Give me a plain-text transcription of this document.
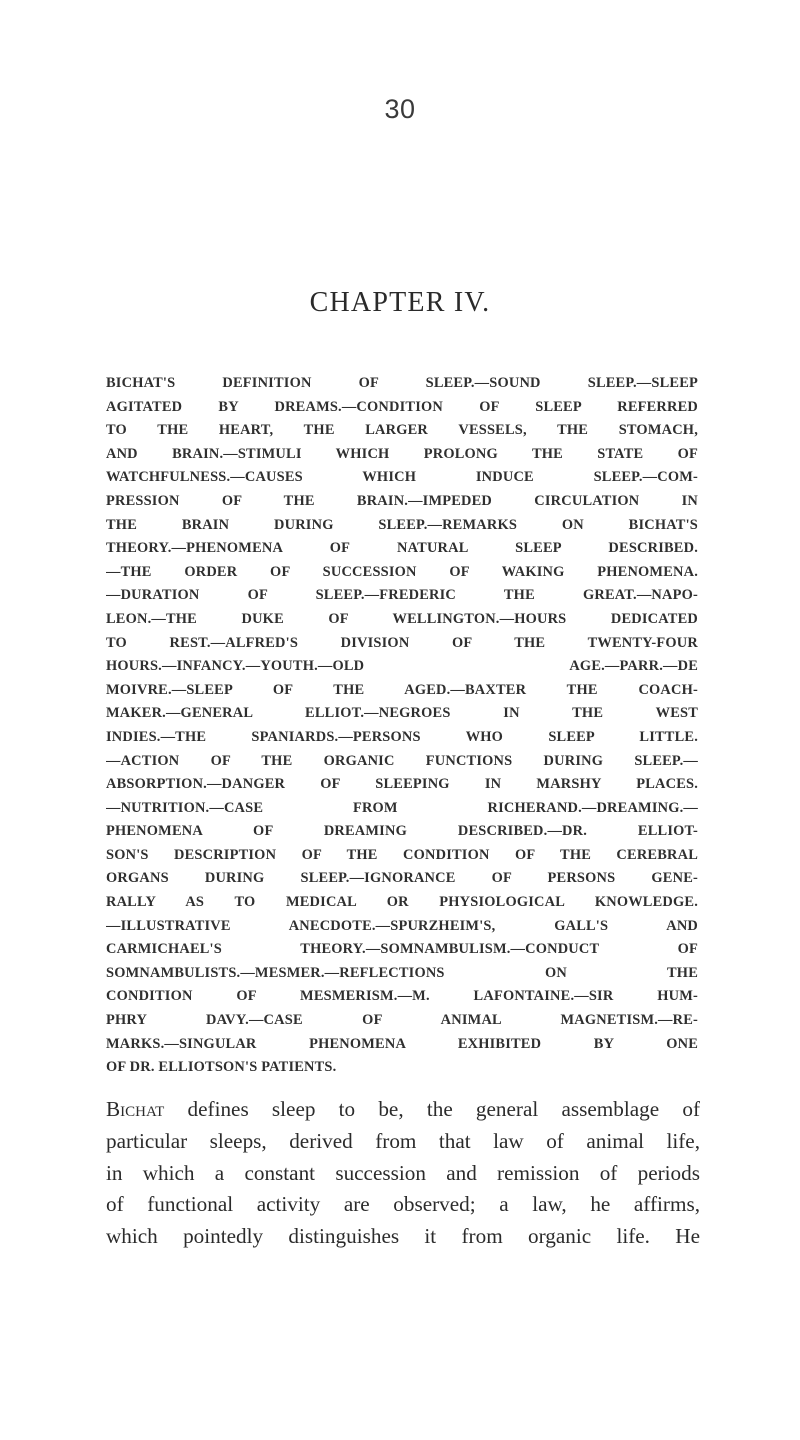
30
CHAPTER IV.
BICHAT'S DEFINITION OF SLEEP.—SOUND SLEEP.—SLEEP
AGITATED BY DREAMS.—CONDITION OF SLEEP REFERRED
TO THE HEART, THE LARGER VESSELS, THE STOMACH,
AND BRAIN.—STIMULI WHICH PROLONG THE STATE OF
WATCHFULNESS.—CAUSES WHICH INDUCE SLEEP.—COM-
PRESSION OF THE BRAIN.—IMPEDED CIRCULATION IN
THE BRAIN DURING SLEEP.—REMARKS ON BICHAT'S
THEORY.—PHENOMENA OF NATURAL SLEEP DESCRIBED.
—THE ORDER OF SUCCESSION OF WAKING PHENOMENA.
—DURATION OF SLEEP.—FREDERIC THE GREAT.—NAPO-
LEON.—THE DUKE OF WELLINGTON.—HOURS DEDICATED
TO REST.—ALFRED'S DIVISION OF THE TWENTY-FOUR
HOURS.—INFANCY.—YOUTH.—OLD AGE.—PARR.—DE
MOIVRE.—SLEEP OF THE AGED.—BAXTER THE COACH-
MAKER.—GENERAL ELLIOT.—NEGROES IN THE WEST
INDIES.—THE SPANIARDS.—PERSONS WHO SLEEP LITTLE.
—ACTION OF THE ORGANIC FUNCTIONS DURING SLEEP.—
ABSORPTION.—DANGER OF SLEEPING IN MARSHY PLACES.
—NUTRITION.—CASE FROM RICHERAND.—DREAMING.—
PHENOMENA OF DREAMING DESCRIBED.—DR. ELLIOT-
SON'S DESCRIPTION OF THE CONDITION OF THE CEREBRAL
ORGANS DURING SLEEP.—IGNORANCE OF PERSONS GENE-
RALLY AS TO MEDICAL OR PHYSIOLOGICAL KNOWLEDGE.
—ILLUSTRATIVE ANECDOTE.—SPURZHEIM'S, GALL'S AND
CARMICHAEL'S THEORY.—SOMNAMBULISM.—CONDUCT OF
SOMNAMBULISTS.—MESMER.—REFLECTIONS ON THE
CONDITION OF MESMERISM.—M. LAFONTAINE.—SIR HUM-
PHRY DAVY.—CASE OF ANIMAL MAGNETISM.—RE-
MARKS.—SINGULAR PHENOMENA EXHIBITED BY ONE
OF DR. ELLIOTSON'S PATIENTS.
Bichat defines sleep to be, the general assemblage of
particular sleeps, derived from that law of animal life,
in which a constant succession and remission of periods
of functional activity are observed; a law, he affirms,
which pointedly distinguishes it from organic life. He
